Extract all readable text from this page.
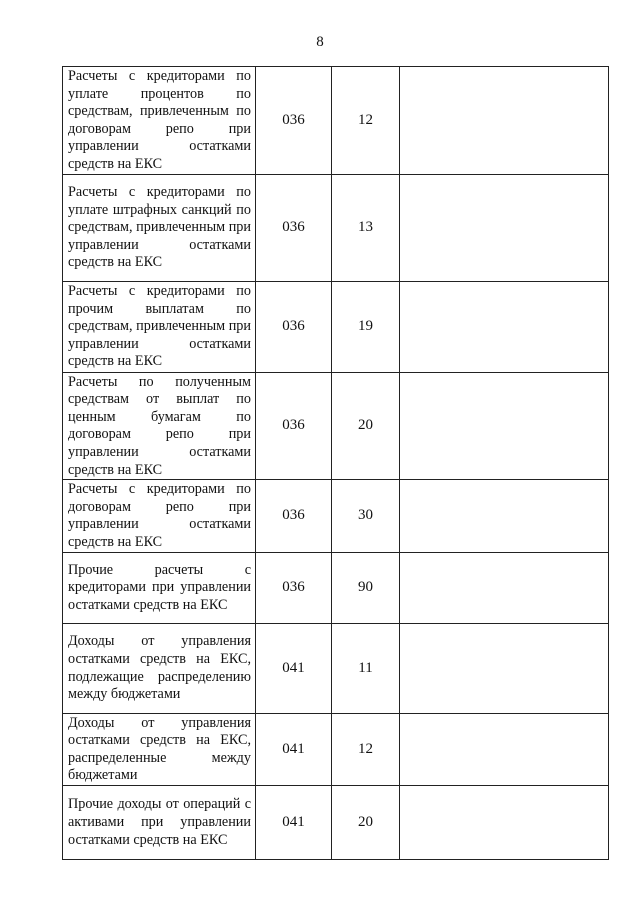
8
Расчеты с кредиторами по уплате процентов по средствам, привлеченным по договорам репо при управлении остатками средств на ЕКС	036	12	

Расчеты с кредиторами по уплате штрафных санкций по средствам, привлеченным при управлении остатками средств на ЕКС	036	13	

Расчеты с кредиторами по прочим выплатам по средствам, привлеченным при управлении остатками средств на ЕКС	036	19	

Расчеты по полученным средствам от выплат по ценным бумагам по договорам репо при управлении остатками средств на ЕКС	036	20	

Расчеты с кредиторами по договорам репо при управлении остатками средств на ЕКС	036	30	

Прочие расчеты с кредиторами при управлении остатками средств на ЕКС	036	90	

Доходы от управления остатками средств на ЕКС, подлежащие распределению между бюджетами	041	11	

Доходы от управления остатками средств на ЕКС, распределенные между бюджетами	041	12	

Прочие доходы от операций с активами при управлении остатками средств на ЕКС	041	20	
